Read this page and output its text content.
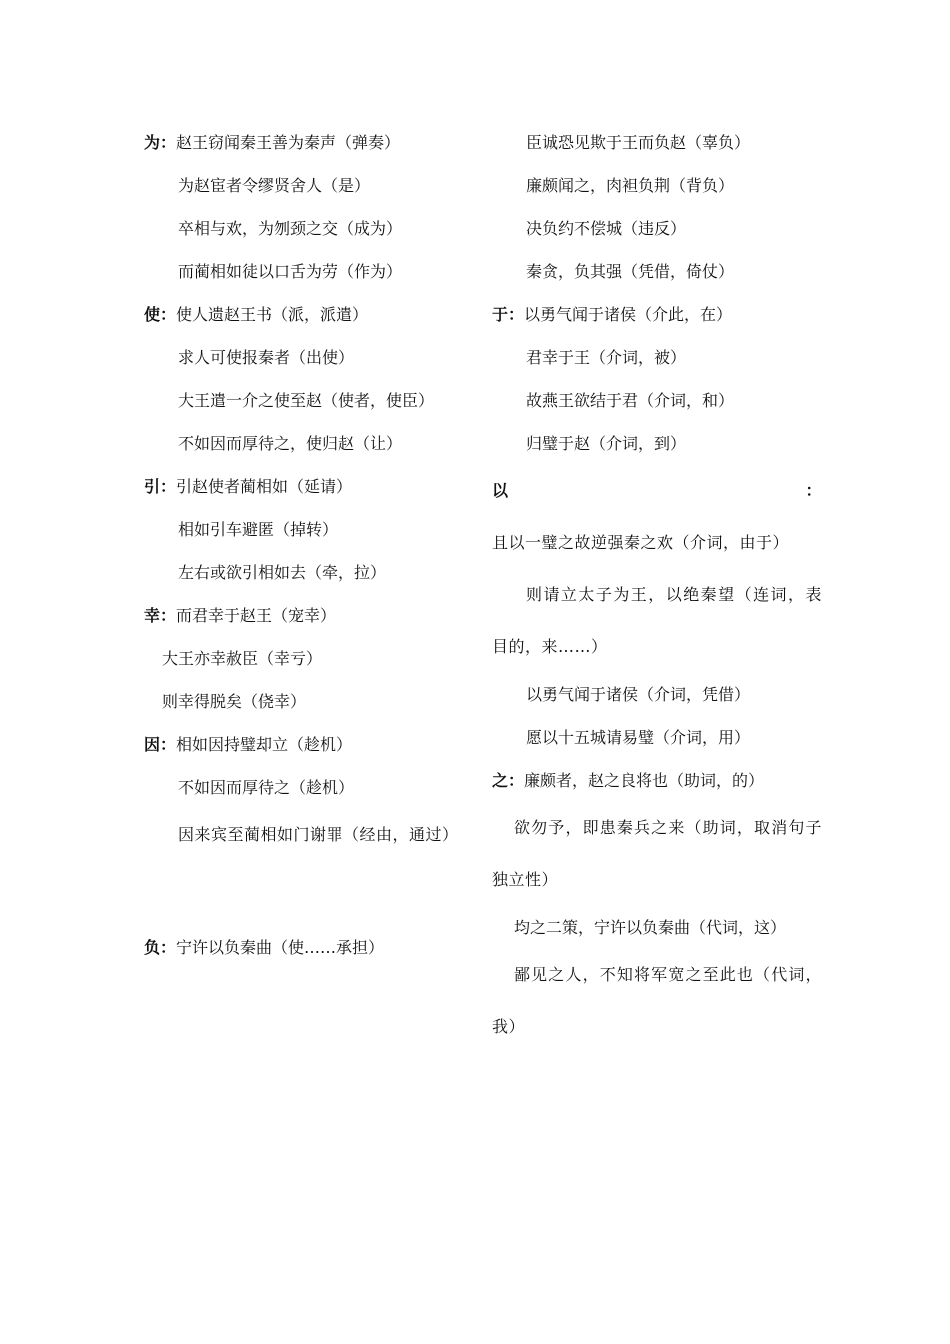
为：赵王窃闻秦王善为秦声（弹奏）
为赵宦者令缪贤舍人（是）
卒相与欢，为刎颈之交（成为）
而蔺相如徒以口舌为劳（作为）
使：使人遗赵王书（派，派遣）
求人可使报秦者（出使）
大王遣一介之使至赵（使者，使臣）
不如因而厚待之，使归赵（让）
引：引赵使者蔺相如（延请）
相如引车避匿（掉转）
左右或欲引相如去（牵，拉）
幸：而君幸于赵王（宠幸）
大王亦幸赦臣（幸亏）
则幸得脱矣（侥幸）
因：相如因持璧却立（趁机）
不如因而厚待之（趁机）
因来宾至蔺相如门谢罪（经由，通过）
负：宁许以负秦曲（使……承担）
臣诚恐见欺于王而负赵（辜负）
廉颇闻之，肉袒负荆（背负）
决负约不偿城（违反）
秦贪，负其强（凭借，倚仗）
于：以勇气闻于诸侯（介此，在）
君幸于王（介词，被）
故燕王欲结于君（介词，和）
归璧于赵（介词，到）
以：且以一璧之故逆强秦之欢（介词，由于）
则请立太子为王，以绝秦望（连词，表目的，来……）
以勇气闻于诸侯（介词，凭借）
愿以十五城请易璧（介词，用）
之：廉颇者，赵之良将也（助词，的）
欲勿予，即患秦兵之来（助词，取消句子独立性）
均之二策，宁许以负秦曲（代词，这）
鄙见之人，不知将军宽之至此也（代词，我）
